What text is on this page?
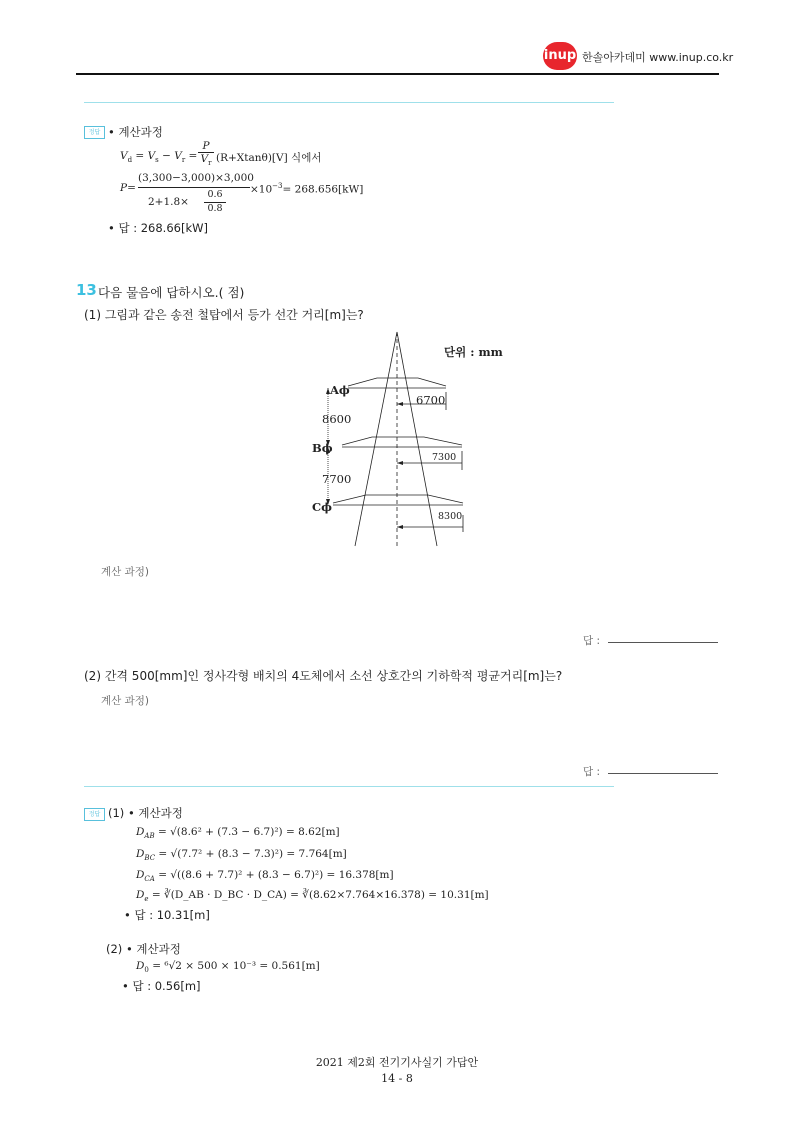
inup 한솔아카데미 www.inup.co.kr
정답 • 계산과정
$V_d = V_s - V_r$ =
P
$V_r$ (R+Xtanθ)[V] 식에서
P=
(3,300−3,000)×3,000
2+1.8×
0.6
0.8
$\times 10^{-3}= 268.656[kW]$
• 답 : 268.66[kW]
13 다음 물음에 답하시오.( 점)
(1) 그림과 같은 송전 철탑에서 등가 선간 거리[m]는?
단위 : mm
Aϕ
Bϕ
Cϕ
8600
7700
6700
7300
8300
계산 과정)
답 :
(2) 간격 500[mm]인 정사각형 배치의 4도체에서 소선 상호간의 기하학적 평균거리[m]는?
계산 과정)
답 :
정답 (1) • 계산과정
$D_{AB} = √(8.6^2 + (7.3 - 6.7)^2) = 8.62[m]$
$D_{BC} = √(7.7^2 + (8.3 - 7.3)^2) = 7.764[m]$
$D_{CA} = √((8.6 + 7.7)^2 + (8.3 - 6.7)^2) = 16.378[m]$
$D_e$ = ∛(D_AB · D_BC · D_CA) = ∛(8.62×7.764×16.378) = 10.31[m]
• 답 : 10.31[m]
(2) • 계산과정
$D_0 = ^6√2 \times 500 \times 10^{-3} = 0.561[m]$
• 답 : 0.56[m]
2021 제2회 전기기사실기 가답안
14 - 8
